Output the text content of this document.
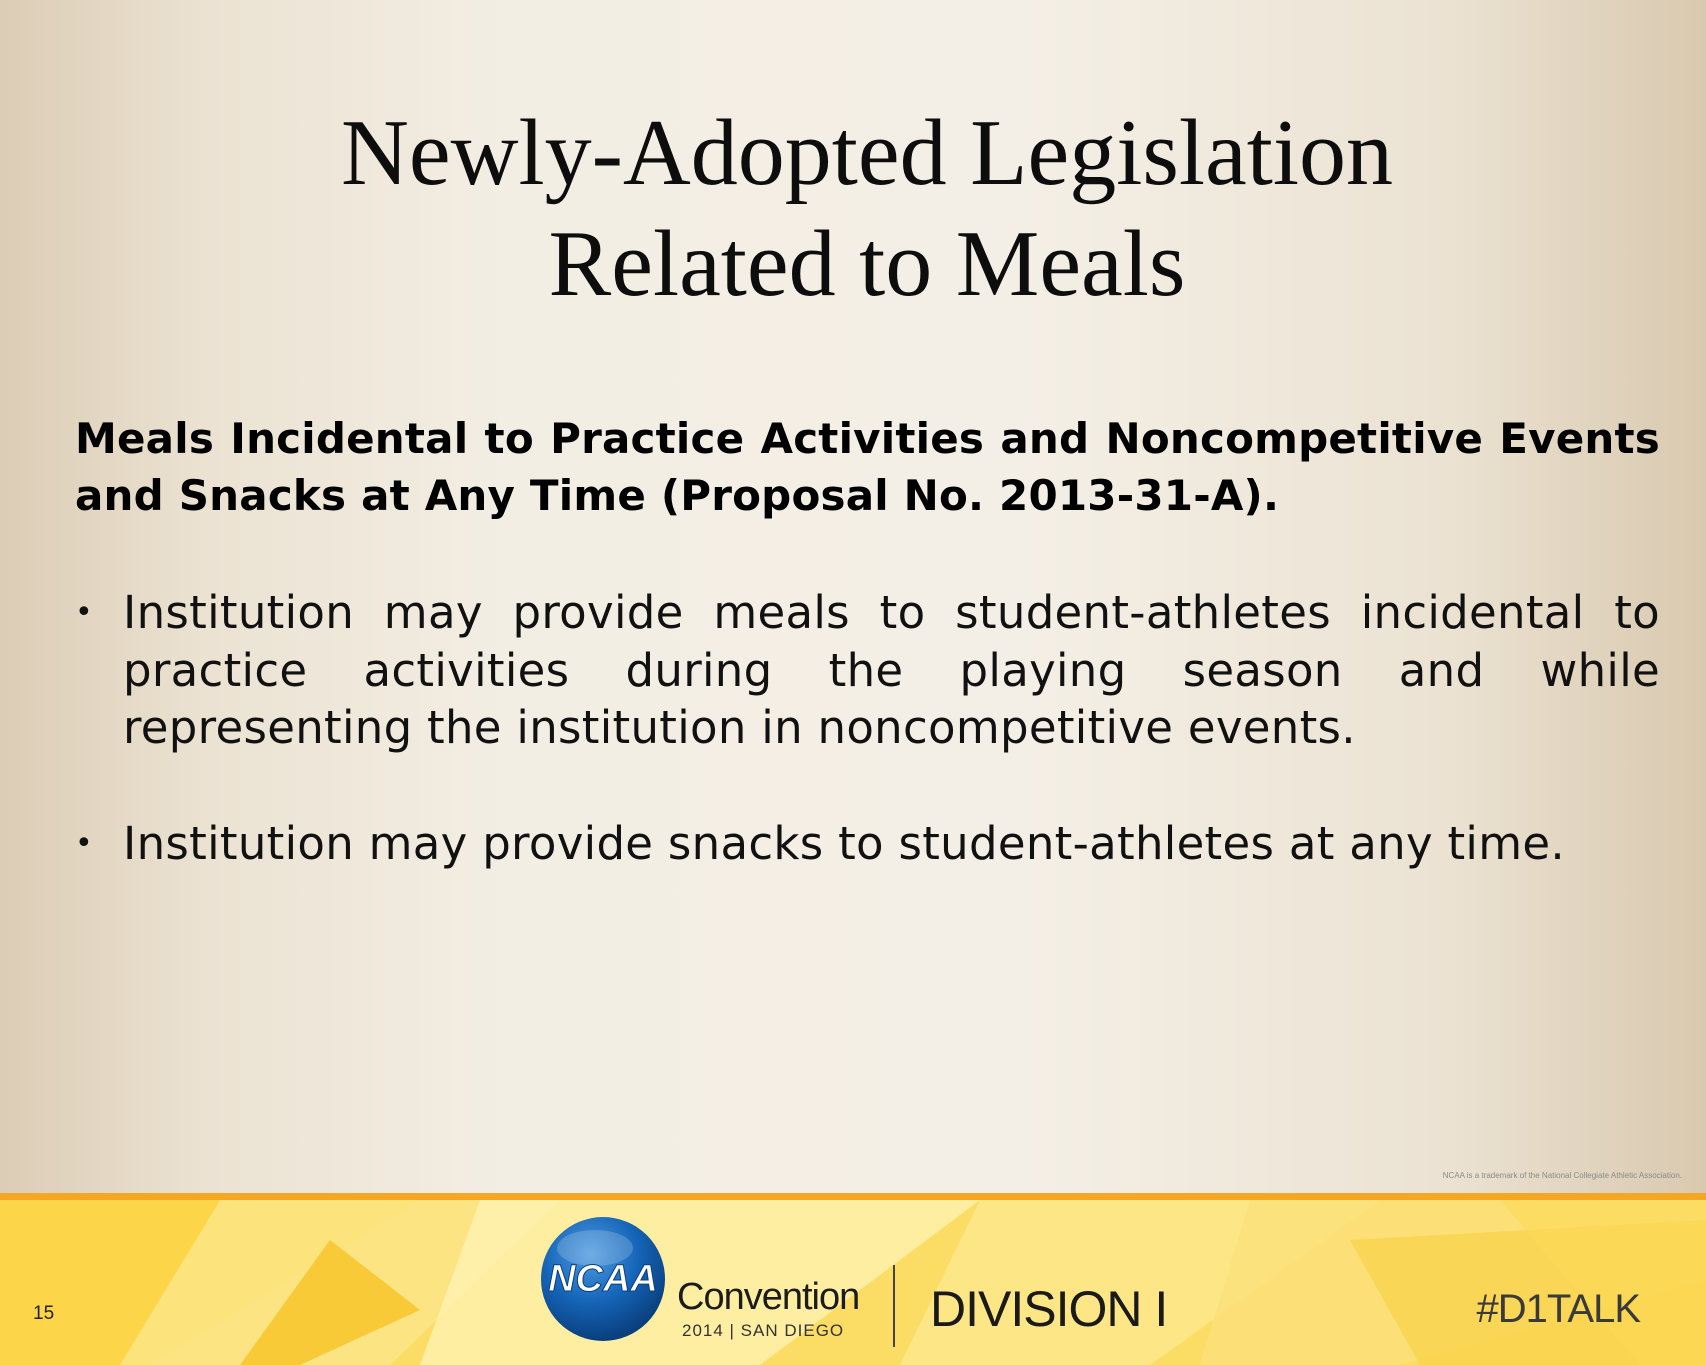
Newly-Adopted Legislation
Related to Meals
Meals Incidental to Practice Activities and Noncompetitive Events and Snacks at Any Time (Proposal No. 2013-31-A).
• Institution may provide meals to student-athletes incidental to practice activities during the playing season and while representing the institution in noncompetitive events.
• Institution may provide snacks to student-athletes at any time.
NCAA is a trademark of the National Collegiate Athletic Association.
15
NCAA Convention
2014 | SAN DIEGO DIVISION I	#D1TALK
